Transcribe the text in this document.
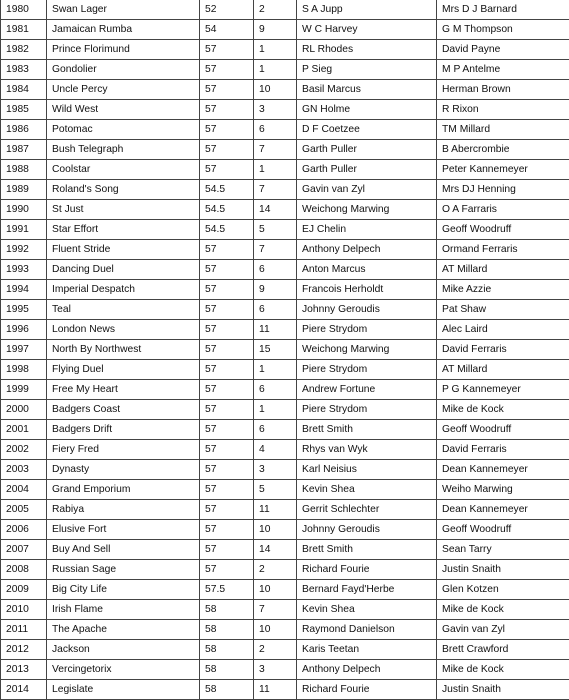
1980	Swan Lager	52	2	S A Jupp	Mrs D J Barnard
1981	Jamaican Rumba	54	9	W C Harvey	G M Thompson
1982	Prince Florimund	57	1	RL Rhodes	David Payne
1983	Gondolier	57	1	P Sieg	M P Antelme
1984	Uncle Percy	57	10	Basil Marcus	Herman Brown
1985	Wild West	57	3	GN Holme	R Rixon
1986	Potomac	57	6	D F Coetzee	TM Millard
1987	Bush Telegraph	57	7	Garth Puller	B Abercrombie
1988	Coolstar	57	1	Garth Puller	Peter Kannemeyer
1989	Roland's Song	54.5	7	Gavin van Zyl	Mrs DJ Henning
1990	St Just	54.5	14	Weichong Marwing	O A Farraris
1991	Star Effort	54.5	5	EJ Chelin	Geoff Woodruff
1992	Fluent Stride	57	7	Anthony Delpech	Ormand Ferraris
1993	Dancing Duel	57	6	Anton Marcus	AT Millard
1994	Imperial Despatch	57	9	Francois Herholdt	Mike Azzie
1995	Teal	57	6	Johnny Geroudis	Pat Shaw
1996	London News	57	11	Piere Strydom	Alec Laird
1997	North By Northwest	57	15	Weichong Marwing	David Ferraris
1998	Flying Duel	57	1	Piere Strydom	AT Millard
1999	Free My Heart	57	6	Andrew Fortune	P G Kannemeyer
2000	Badgers Coast	57	1	Piere Strydom	Mike de Kock
2001	Badgers Drift	57	6	Brett Smith	Geoff Woodruff
2002	Fiery Fred	57	4	Rhys van Wyk	David Ferraris
2003	Dynasty	57	3	Karl Neisius	Dean Kannemeyer
2004	Grand Emporium	57	5	Kevin Shea	Weiho Marwing
2005	Rabiya	57	11	Gerrit Schlechter	Dean Kannemeyer
2006	Elusive Fort	57	10	Johnny Geroudis	Geoff Woodruff
2007	Buy And Sell	57	14	Brett Smith	Sean Tarry
2008	Russian Sage	57	2	Richard Fourie	Justin Snaith
2009	Big City Life	57.5	10	Bernard Fayd'Herbe	Glen Kotzen
2010	Irish Flame	58	7	Kevin Shea	Mike de Kock
2011	The Apache	58	10	Raymond Danielson	Gavin van Zyl
2012	Jackson	58	2	Karis Teetan	Brett Crawford
2013	Vercingetorix	58	3	Anthony Delpech	Mike de Kock
2014	Legislate	58	11	Richard Fourie	Justin Snaith
